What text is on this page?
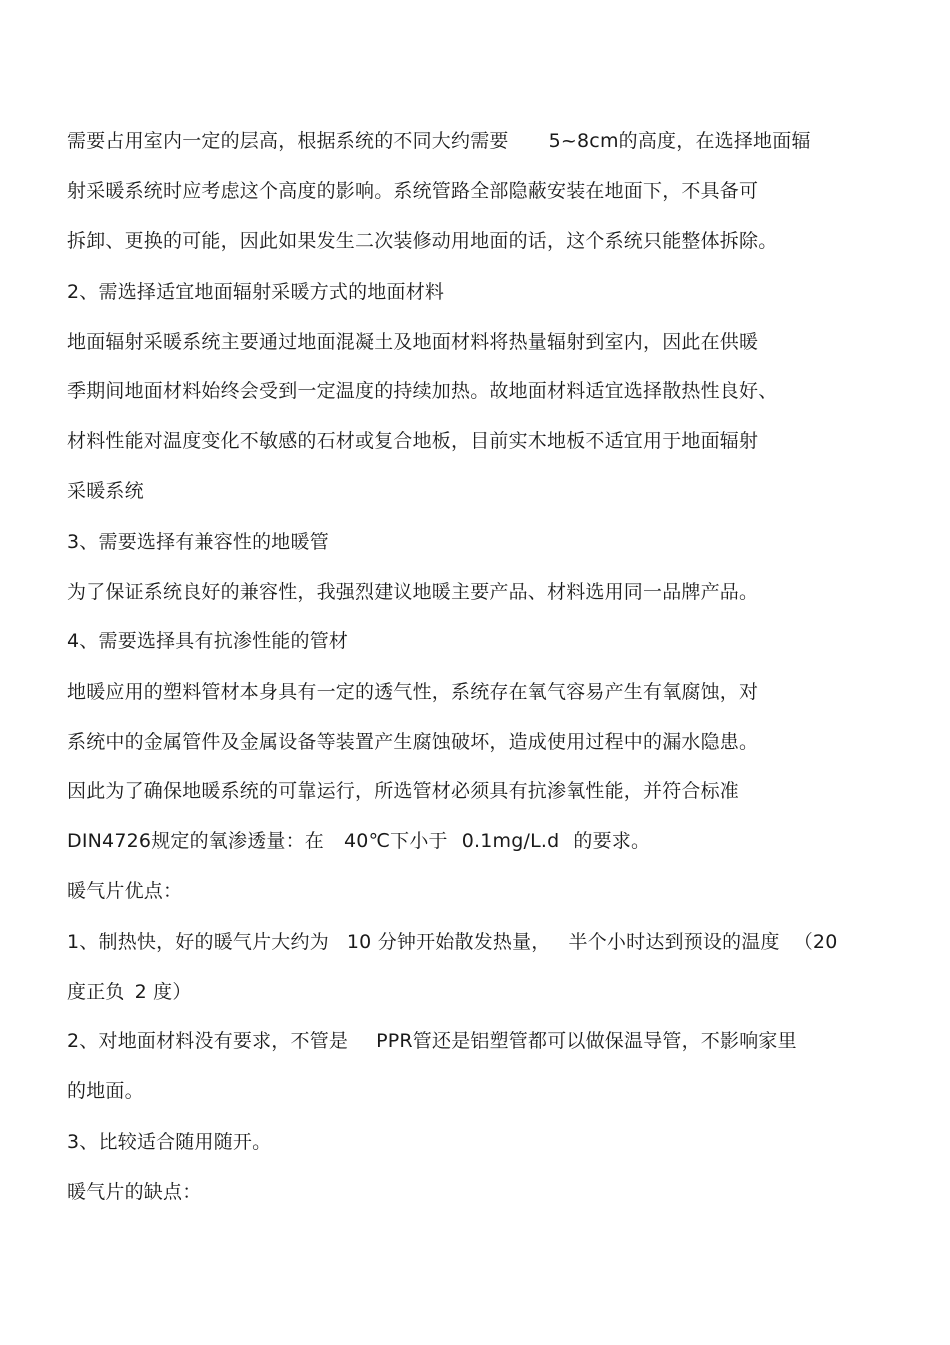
需要占用室内一定的层高，根据系统的不同大约需要 5~8cm的高度，在选择地面辐
射采暖系统时应考虑这个高度的影响。系统管路全部隐蔽安装在地面下，不具备可
拆卸、更换的可能，因此如果发生二次装修动用地面的话，这个系统只能整体拆除。
2、需选择适宜地面辐射采暖方式的地面材料
地面辐射采暖系统主要通过地面混凝土及地面材料将热量辐射到室内，因此在供暖
季期间地面材料始终会受到一定温度的持续加热。故地面材料适宜选择散热性良好、
材料性能对温度变化不敏感的石材或复合地板，目前实木地板不适宜用于地面辐射
采暖系统
3、需要选择有兼容性的地暖管
为了保证系统良好的兼容性，我强烈建议地暖主要产品、材料选用同一品牌产品。
4、需要选择具有抗渗性能的管材
地暖应用的塑料管材本身具有一定的透气性，系统存在氧气容易产生有氧腐蚀，对
系统中的金属管件及金属设备等装置产生腐蚀破坏，造成使用过程中的漏水隐患。
因此为了确保地暖系统的可靠运行，所选管材必须具有抗渗氧性能，并符合标准
DIN4726规定的氧渗透量：在 40℃下小于 0.1mg/L.d 的要求。
暖气片优点：
1、制热快，好的暖气片大约为 10 分钟开始散发热量， 半个小时达到预设的温度 （20
度正负 2 度）
2、对地面材料没有要求，不管是 PPR管还是铝塑管都可以做保温导管，不影响家里
的地面。
3、比较适合随用随开。
暖气片的缺点：
